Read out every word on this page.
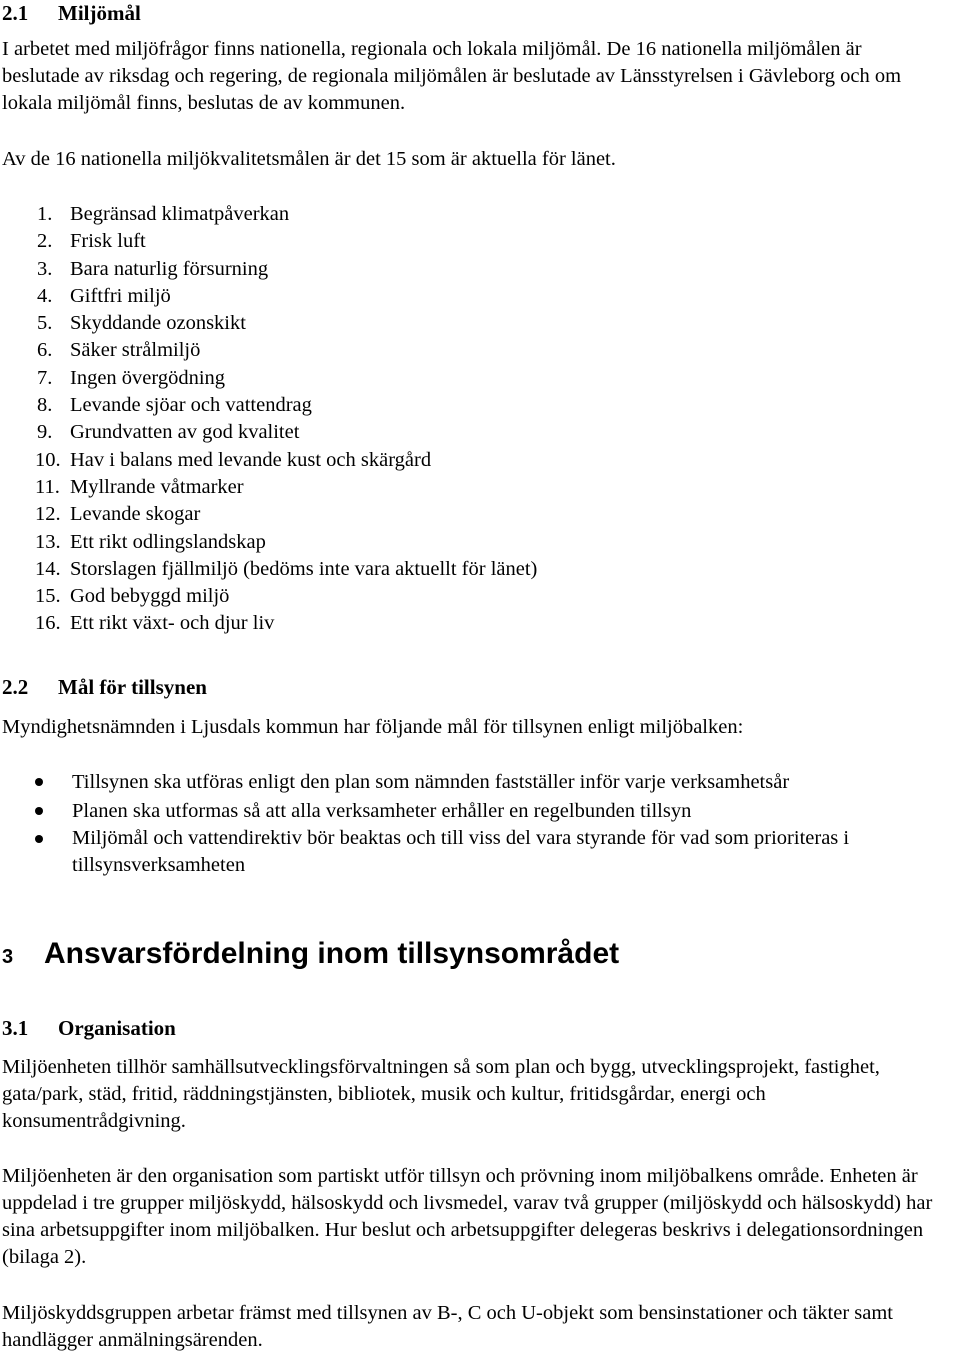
2.1 Miljömål

I arbetet med miljöfrågor finns nationella, regionala och lokala miljömål. De 16 nationella miljömålen är beslutade av riksdag och regering, de regionala miljömålen är beslutade av Länsstyrelsen i Gävleborg och om lokala miljömål finns, beslutas de av kommunen.

Av de 16 nationella miljökvalitetsmålen är det 15 som är aktuella för länet.

1. Begränsad klimatpåverkan
2. Frisk luft
3. Bara naturlig försurning
4. Giftfri miljö
5. Skyddande ozonskikt
6. Säker strålmiljö
7. Ingen övergödning
8. Levande sjöar och vattendrag
9. Grundvatten av god kvalitet
10. Hav i balans med levande kust och skärgård
11. Myllrande våtmarker
12. Levande skogar
13. Ett rikt odlingslandskap
14. Storslagen fjällmiljö (bedöms inte vara aktuellt för länet)
15. God bebyggd miljö
16. Ett rikt växt- och djur liv
2.2 Mål för tillsynen

Myndighetsnämnden i Ljusdals kommun har följande mål för tillsynen enligt miljöbalken:

Tillsynen ska utföras enligt den plan som nämnden fastställer inför varje verksamhetsår
Planen ska utformas så att alla verksamheter erhåller en regelbunden tillsyn
Miljömål och vattendirektiv bör beaktas och till viss del vara styrande för vad som prioriteras i tillsynsverksamheten
3 Ansvarsfördelning inom tillsynsområdet
3.1 Organisation

Miljöenheten tillhör samhällsutvecklingsförvaltningen så som plan och bygg, utvecklingsprojekt, fastighet, gata/park, städ, fritid, räddningstjänsten, bibliotek, musik och kultur, fritidsgårdar, energi och konsumentrådgivning.

Miljöenheten är den organisation som partiskt utför tillsyn och prövning inom miljöbalkens område. Enheten är uppdelad i tre grupper miljöskydd, hälsoskydd och livsmedel, varav två grupper (miljöskydd och hälsoskydd) har sina arbetsuppgifter inom miljöbalken. Hur beslut och arbetsuppgifter delegeras beskrivs i delegationsordningen (bilaga 2).

Miljöskyddsgruppen arbetar främst med tillsynen av B-, C och U-objekt som bensinstationer och täkter samt handlägger anmälningsärenden.
